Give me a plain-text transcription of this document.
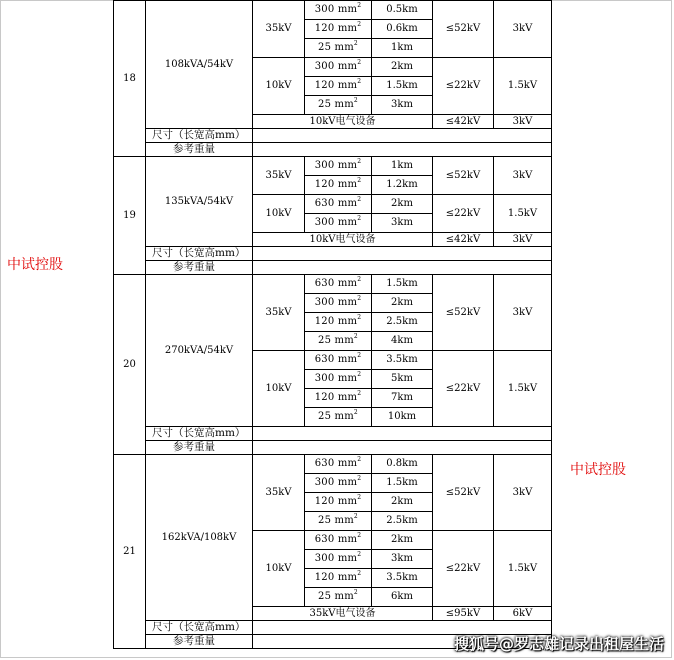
18	108kVA/54kV	35kV	300 $mm^2$	0.5km	≤52kV	3kV
			120 $mm^2$	0.6km		
			25 $mm^2$	1km		
		10kV	300 $mm^2$	2km	≤22kV	1.5kV
			120 $mm^2$	1.5km		
			25 $mm^2$	3km		
		10kV电气设备			≤42kV	3kV
	尺寸（长宽高mm）					
	参考重量					
19	135kVA/54kV	35kV	300 $mm^2$	1km	≤52kV	3kV
			120 $mm^2$	1.2km		
		10kV	630 $mm^2$	2km	≤22kV	1.5kV
			300 $mm^2$	3km		
		10kV电气设备			≤42kV	3kV
	尺寸（长宽高mm）					
	参考重量					
20	270kVA/54kV	35kV	630 $mm^2$	1.5km	≤52kV	3kV
			300 $mm^2$	2km		
			120 $mm^2$	2.5km		
			25 $mm^2$	4km		
		10kV	630 $mm^2$	3.5km	≤22kV	1.5kV
			300 $mm^2$	5km		
			120 $mm^2$	7km		
			25 $mm^2$	10km		
	尺寸（长宽高mm）					
	参考重量					
21	162kVA/108kV	35kV	630 $mm^2$	0.8km	≤52kV	3kV
			300 $mm^2$	1.5km		
			120 $mm^2$	2km		
			25 $mm^2$	2.5km		
		10kV	630 $mm^2$	2km	≤22kV	1.5kV
			300 $mm^2$	3km		
			120 $mm^2$	3.5km		
			25 $mm^2$	6km		
		35kV电气设备			≤95kV	6kV
	尺寸（长宽高mm）					
	参考重量					
中试控股
中试控股
搜狐号@罗志雄记录出租屋生活
